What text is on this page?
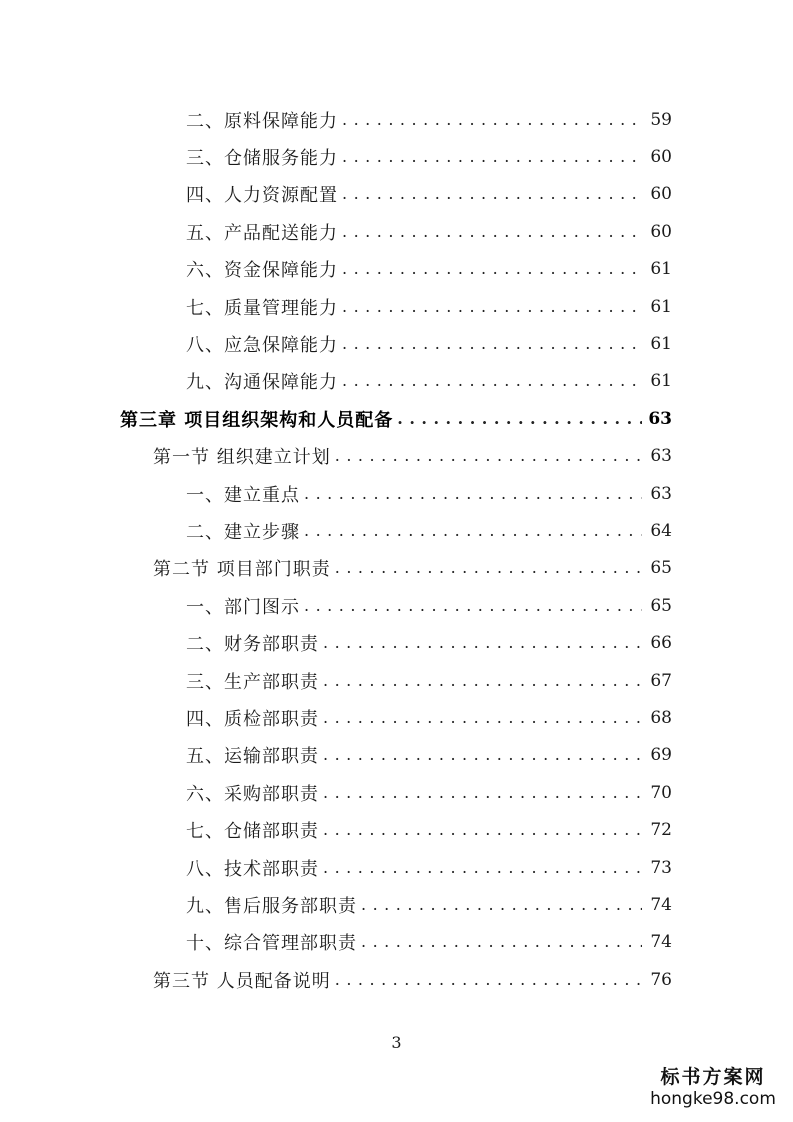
二、原料保障能力 .....	59
三、仓储服务能力 .....	60
四、人力资源配置 .....	60
五、产品配送能力 .....	60
六、资金保障能力 .....	61
七、质量管理能力 .....	61
八、应急保障能力 .....	61
九、沟通保障能力 .....	61
第三章 项目组织架构和人员配备 .....	63
第一节 组织建立计划 .....	63
一、建立重点 .....	63
二、建立步骤 .....	64
第二节 项目部门职责 .....	65
一、部门图示 .....	65
二、财务部职责 .....	66
三、生产部职责 .....	67
四、质检部职责 .....	68
五、运输部职责 .....	69
六、采购部职责 .....	70
七、仓储部职责 .....	72
八、技术部职责 .....	73
九、售后服务部职责 .....	74
十、综合管理部职责 .....	74
第三节 人员配备说明 .....	76
3
标书方案网
hongke98.com
